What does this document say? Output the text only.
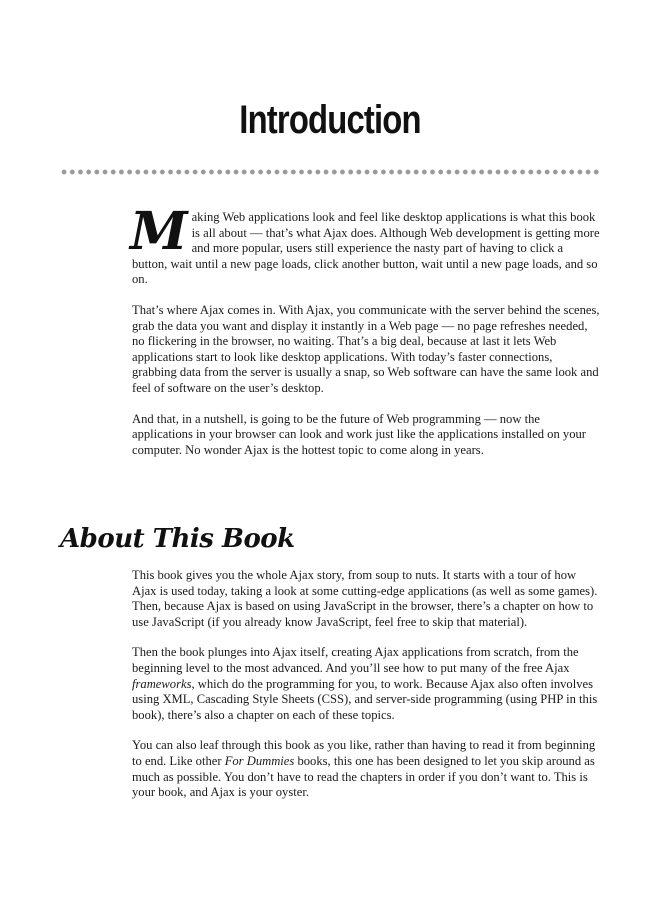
Introduction

Making Web applications look and feel like desktop applications is what this book is all about — that’s what Ajax does. Although Web development is getting more and more popular, users still experience the nasty part of having to click a button, wait until a new page loads, click another button, wait until a new page loads, and so on.

That’s where Ajax comes in. With Ajax, you communicate with the server behind the scenes, grab the data you want and display it instantly in a Web page — no page refreshes needed, no flickering in the browser, no waiting. That’s a big deal, because at last it lets Web applications start to look like desktop applications. With today’s faster connections, grabbing data from the server is usually a snap, so Web software can have the same look and feel of software on the user’s desktop.

And that, in a nutshell, is going to be the future of Web programming — now the applications in your browser can look and work just like the applications installed on your computer. No wonder Ajax is the hottest topic to come along in years.

About This Book

This book gives you the whole Ajax story, from soup to nuts. It starts with a tour of how Ajax is used today, taking a look at some cutting-edge applications (as well as some games). Then, because Ajax is based on using JavaScript in the browser, there’s a chapter on how to use JavaScript (if you already know JavaScript, feel free to skip that material).

Then the book plunges into Ajax itself, creating Ajax applications from scratch, from the beginning level to the most advanced. And you’ll see how to put many of the free Ajax frameworks, which do the programming for you, to work. Because Ajax also often involves using XML, Cascading Style Sheets (CSS), and server-side programming (using PHP in this book), there’s also a chapter on each of these topics.

You can also leaf through this book as you like, rather than having to read it from beginning to end. Like other For Dummies books, this one has been designed to let you skip around as much as possible. You don’t have to read the chapters in order if you don’t want to. This is your book, and Ajax is your oyster.
